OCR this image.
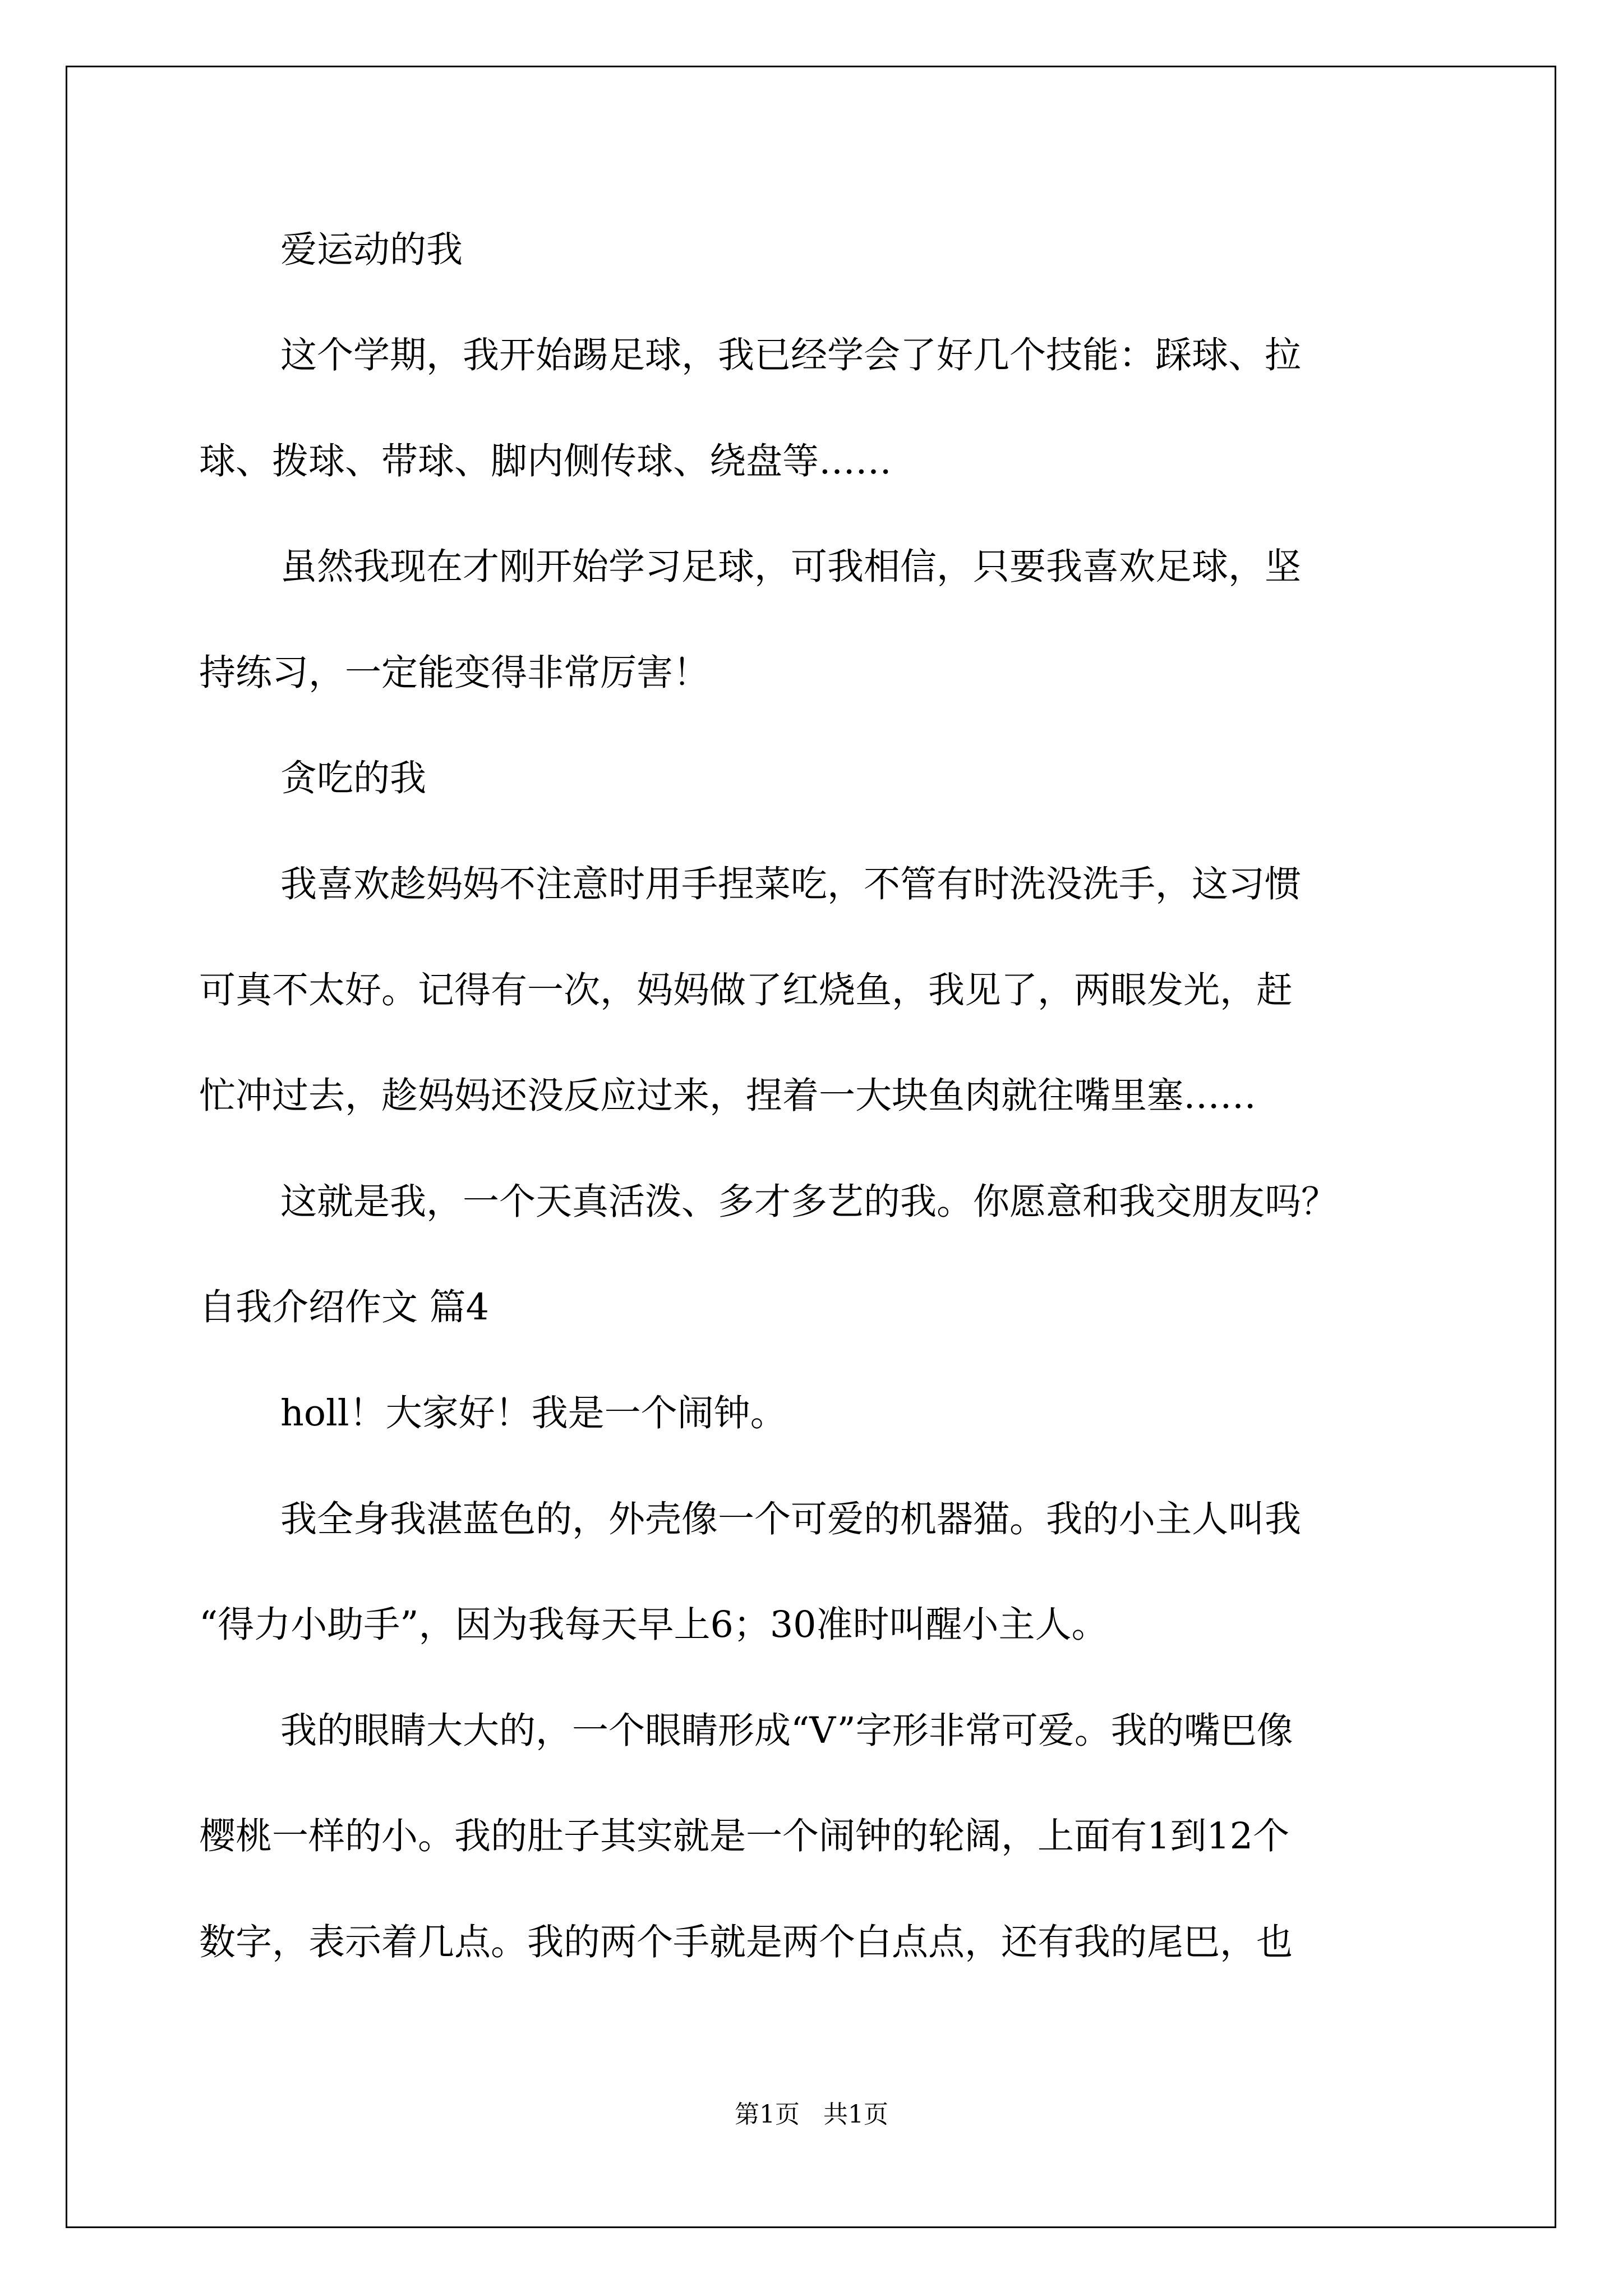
爱运动的我
这个学期，我开始踢足球，我已经学会了好几个技能：踩球、拉
球、拨球、带球、脚内侧传球、绕盘等……
虽然我现在才刚开始学习足球，可我相信，只要我喜欢足球，坚
持练习，一定能变得非常厉害！
贪吃的我
我喜欢趁妈妈不注意时用手捏菜吃，不管有时洗没洗手，这习惯
可真不太好。记得有一次，妈妈做了红烧鱼，我见了，两眼发光，赶
忙冲过去，趁妈妈还没反应过来，捏着一大块鱼肉就往嘴里塞……
这就是我，一个天真活泼、多才多艺的我。你愿意和我交朋友吗？
自我介绍作文 篇4
holl！大家好！我是一个闹钟。
我全身我湛蓝色的，外壳像一个可爱的机器猫。我的小主人叫我
“得力小助手”，因为我每天早上6；30准时叫醒小主人。
我的眼睛大大的，一个眼睛形成“V”字形非常可爱。我的嘴巴像
樱桃一样的小。我的肚子其实就是一个闹钟的轮阔，上面有1到12个
数字，表示着几点。我的两个手就是两个白点点，还有我的尾巴，也
第1页   共1页
